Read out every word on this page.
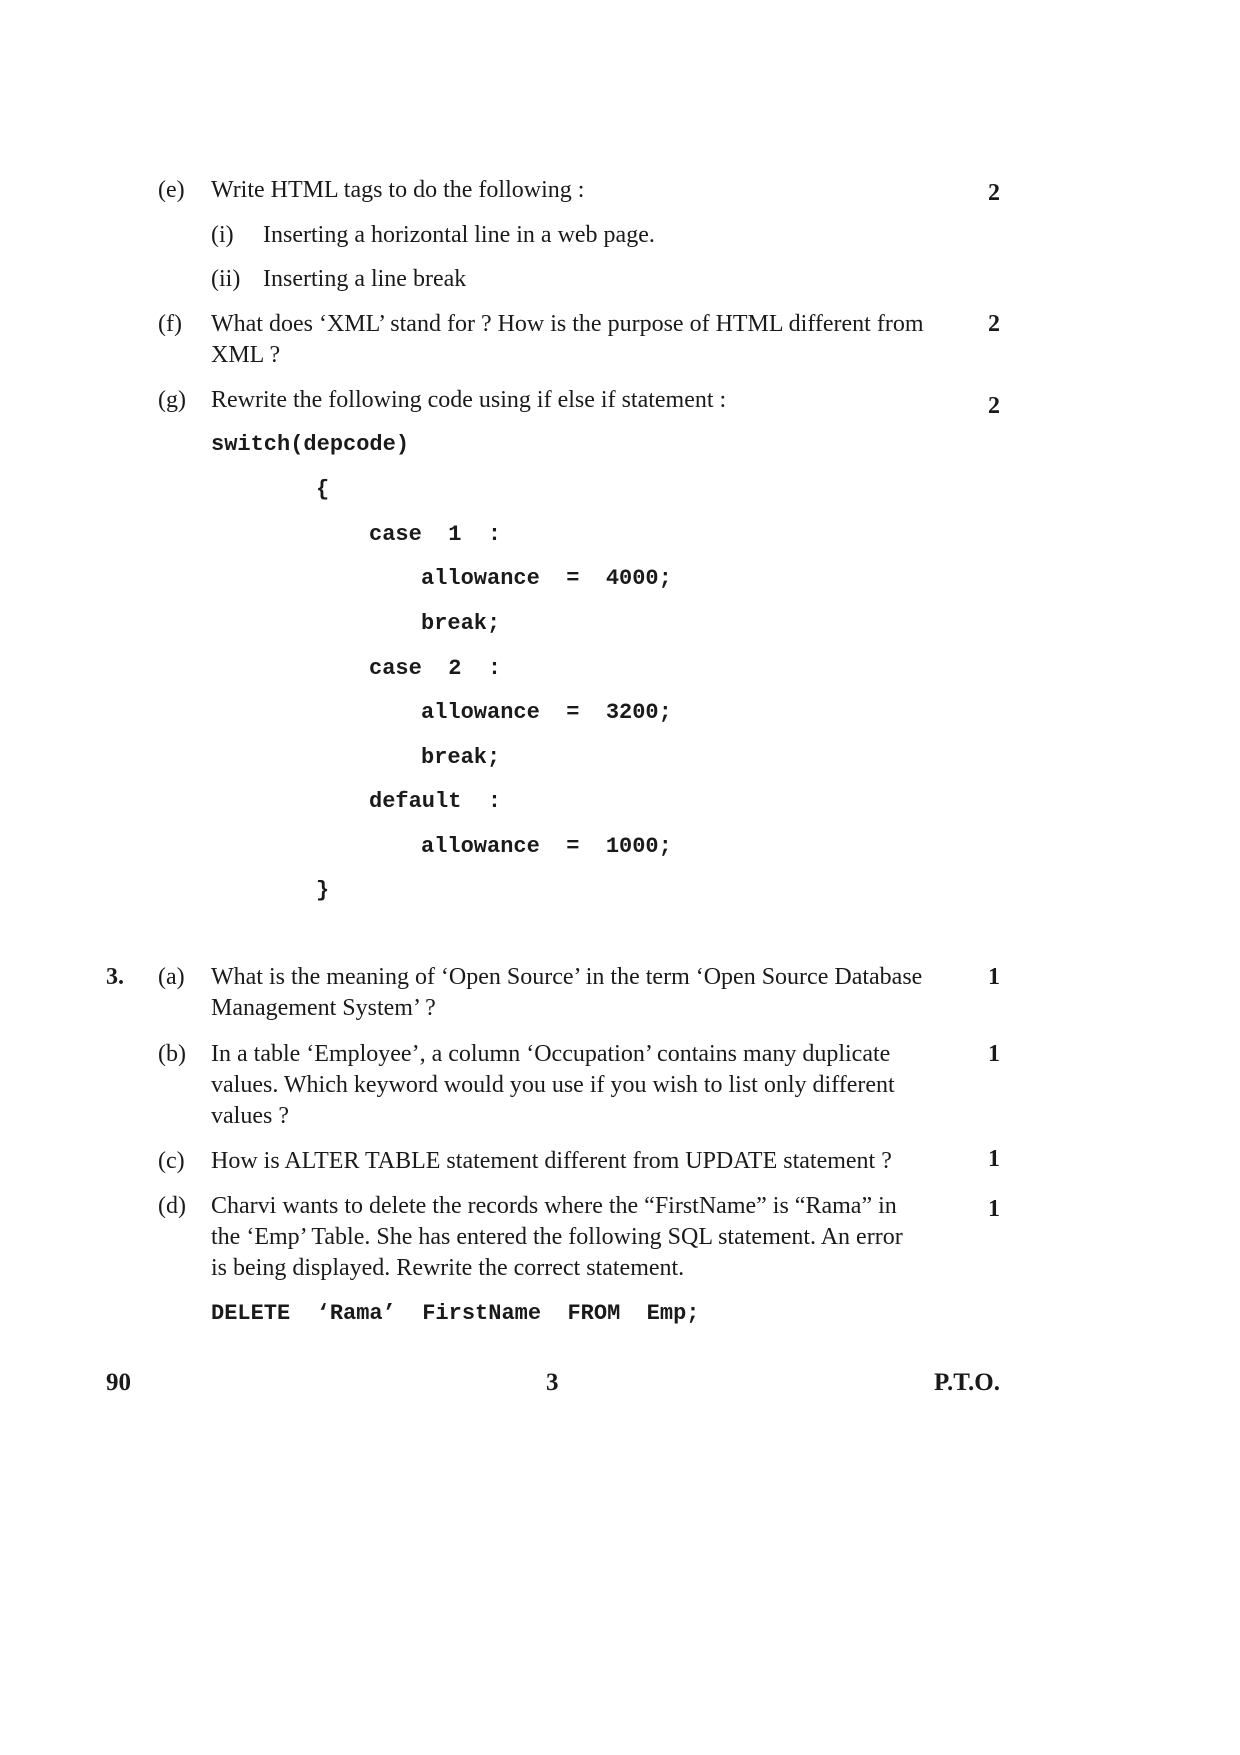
(e) Write HTML tags to do the following :	2
(i) Inserting a horizontal line in a web page.
(ii) Inserting a line break
(f) What does ‘XML’ stand for ? How is the purpose of HTML different from
XML ?
2
(g) Rewrite the following code using if else if statement :	2
switch(depcode)
{
case  1  :
allowance  =  4000;
break;
case  2  :
allowance  =  3200;
break;
default  :
allowance  =  1000;
}
3. (a) What is the meaning of ‘Open Source’ in the term ‘Open Source Database
Management System’ ?
1
(b) In a table ‘Employee’, a column ‘Occupation’ contains many duplicate
values. Which keyword would you use if you wish to list only different
values ?
1
(c) How is ALTER TABLE statement different from UPDATE statement ?	1
(d) Charvi wants to delete the records where the “FirstName” is “Rama” in
the ‘Emp’ Table. She has entered the following SQL statement. An error
is being displayed. Rewrite the correct statement.
1
DELETE  ‘Rama’  FirstName  FROM  Emp;
90	3	P.T.O.
